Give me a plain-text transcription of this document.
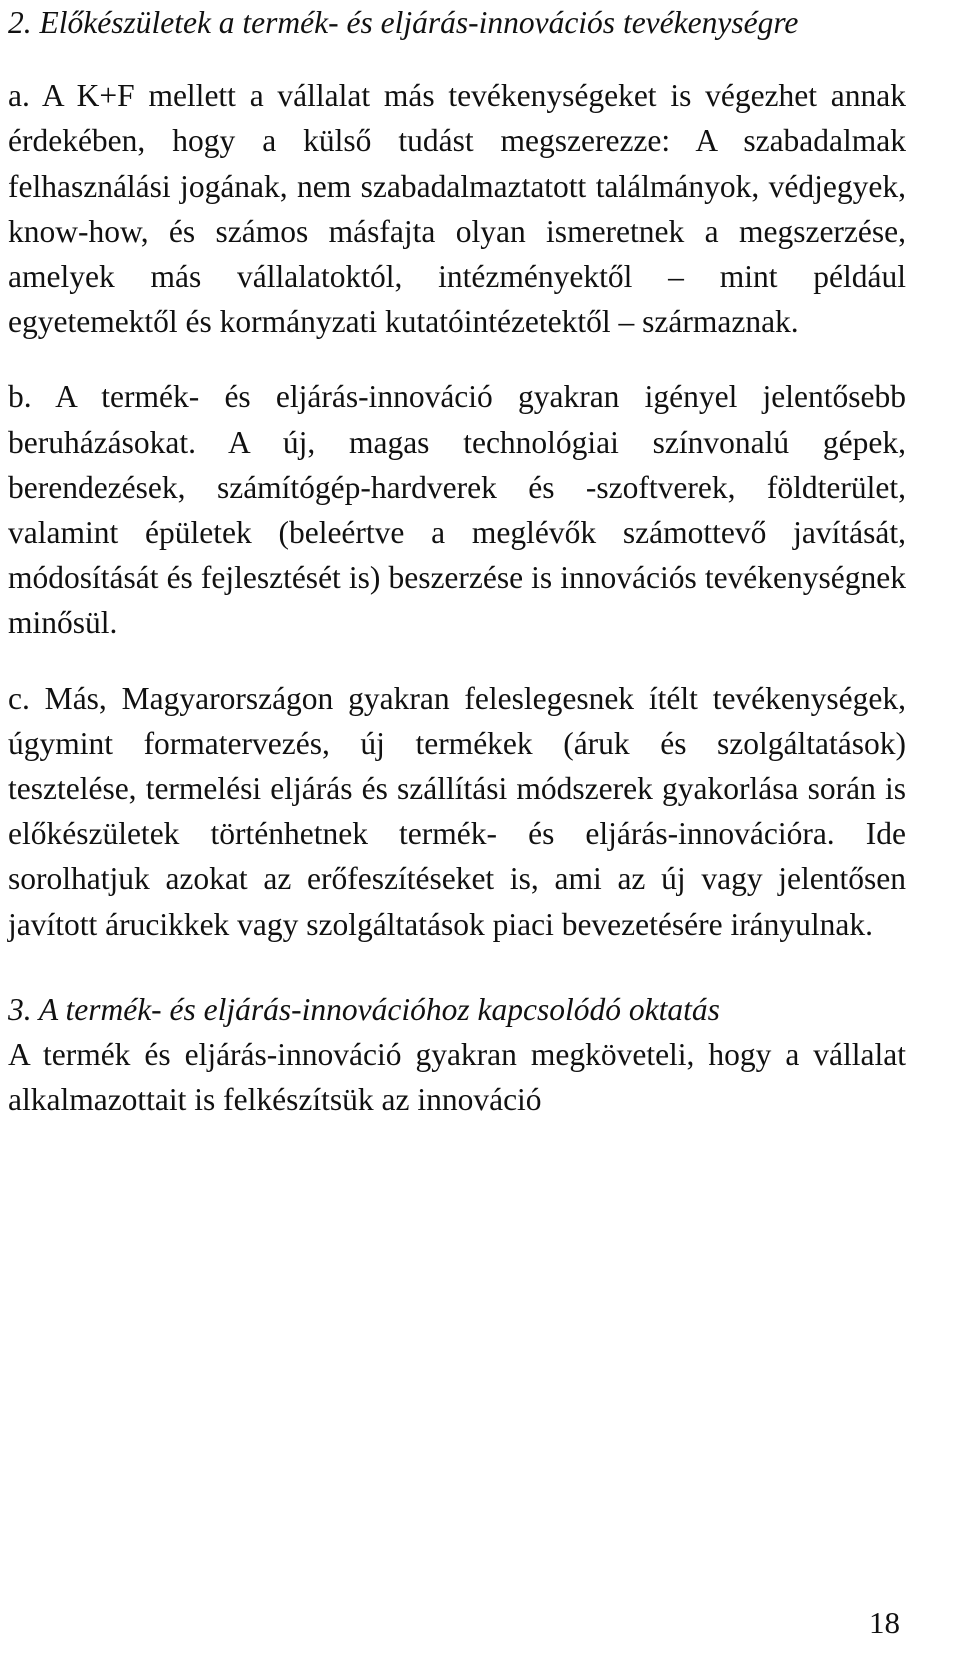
2. Előkészületek a termék- és eljárás-innovációs tevékenységre

a. A K+F mellett a vállalat más tevékenységeket is végezhet annak érdekében, hogy a külső tudást megszerezze: A szabadalmak felhasználási jogának, nem szabadalmaztatott találmányok, védjegyek, know-how, és számos másfajta olyan ismeretnek a megszerzése, amelyek más vállalatoktól, intézményektől – mint például egyetemektől és kormányzati kutatóintézetektől – származnak.

b. A termék- és eljárás-innováció gyakran igényel jelentősebb beruházásokat. A új, magas technológiai színvonalú gépek, berendezések, számítógép-hardverek és -szoftverek, földterület, valamint épületek (beleértve a meglévők számottevő javítását, módosítását és fejlesztését is) beszerzése is innovációs tevékenységnek minősül.

c. Más, Magyarországon gyakran feleslegesnek ítélt tevékenységek, úgymint formatervezés, új termékek (áruk és szolgáltatások) tesztelése, termelési eljárás és szállítási módszerek gyakorlása során is előkészületek történhetnek termék- és eljárás-innovációra. Ide sorolhatjuk azokat az erőfeszítéseket is, ami az új vagy jelentősen javított árucikkek vagy szolgáltatások piaci bevezetésére irányulnak.

3. A termék- és eljárás-innovációhoz kapcsolódó oktatás

A termék és eljárás-innováció gyakran megköveteli, hogy a vállalat alkalmazottait is felkészítsük az innováció

18
